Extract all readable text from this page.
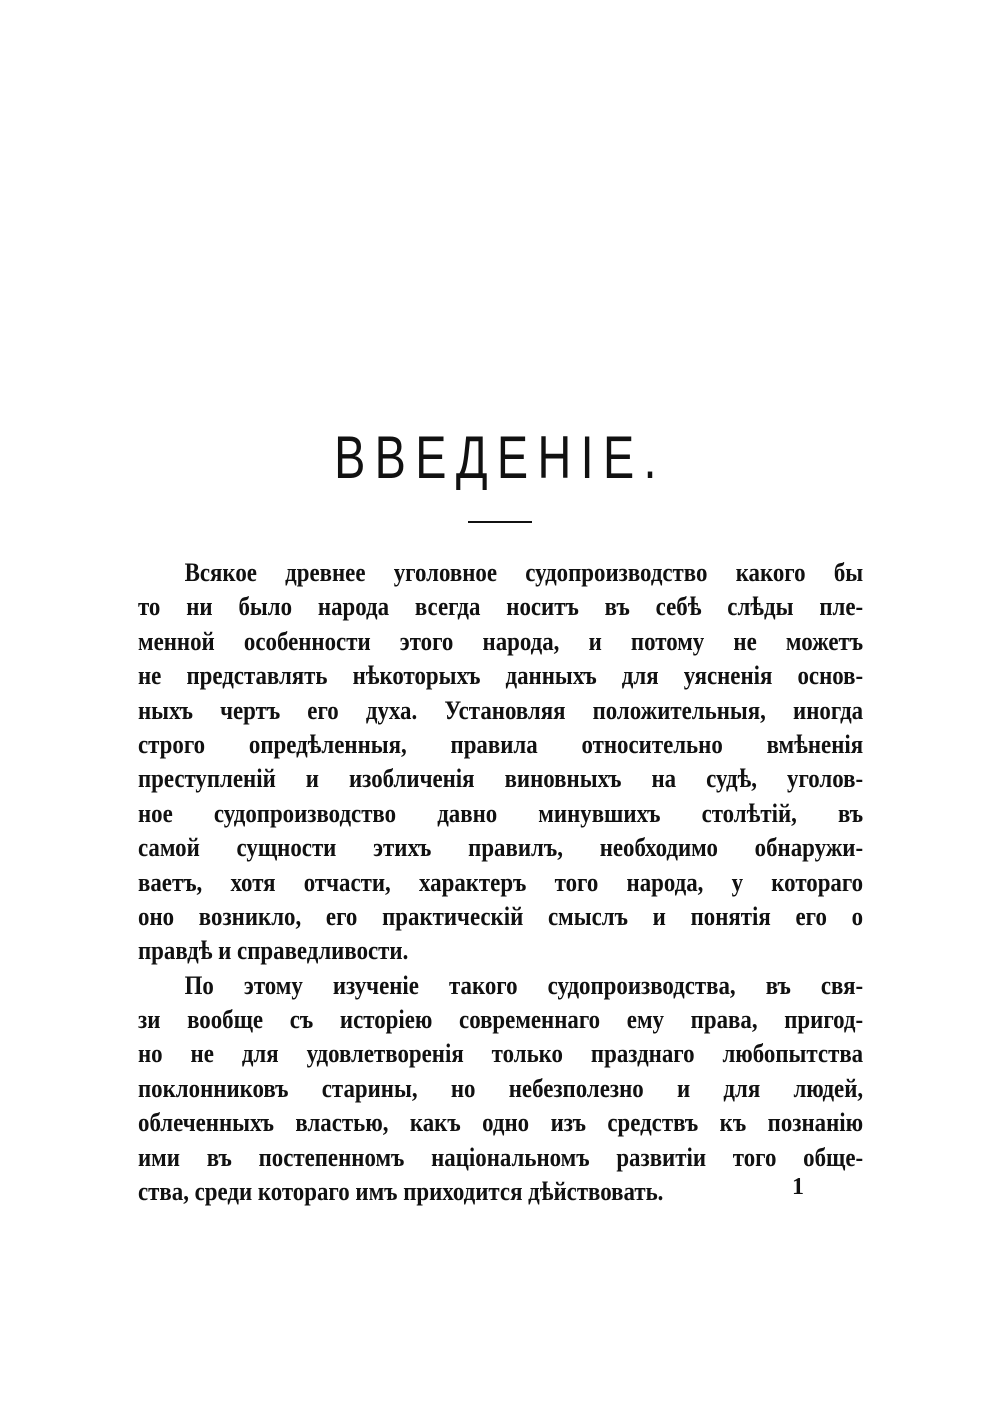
ВВЕДЕНІЕ.
Всякое древнее уголовное судопроизводство какого бы
то ни было народа всегда носитъ въ себѣ слѣды пле-
менной особенности этого народа, и потому не можетъ
не представлять нѣкоторыхъ данныхъ для уясненія основ-
ныхъ чертъ его духа. Установляя положительныя, иногда
строго опредѣленныя, правила относительно вмѣненія
преступленій и изобличенія виновныхъ на судѣ, уголов-
ное судопроизводство давно минувшихъ столѣтій, въ
самой сущности этихъ правилъ, необходимо обнаружи-
ваетъ, хотя отчасти, характеръ того народа, у котораго
оно возникло, его практическій смыслъ и понятія его о
правдѣ и справедливости.
По этому изученіе такого судопроизводства, въ свя-
зи вообще съ исторіею современнаго ему права, пригод-
но не для удовлетворенія только празднаго любопытства
поклонниковъ старины, но небезполезно и для людей,
облеченныхъ властью, какъ одно изъ средствъ къ познанію
ими въ постепенномъ національномъ развитіи того обще-
ства, среди котораго имъ приходится дѣйствовать.	1
